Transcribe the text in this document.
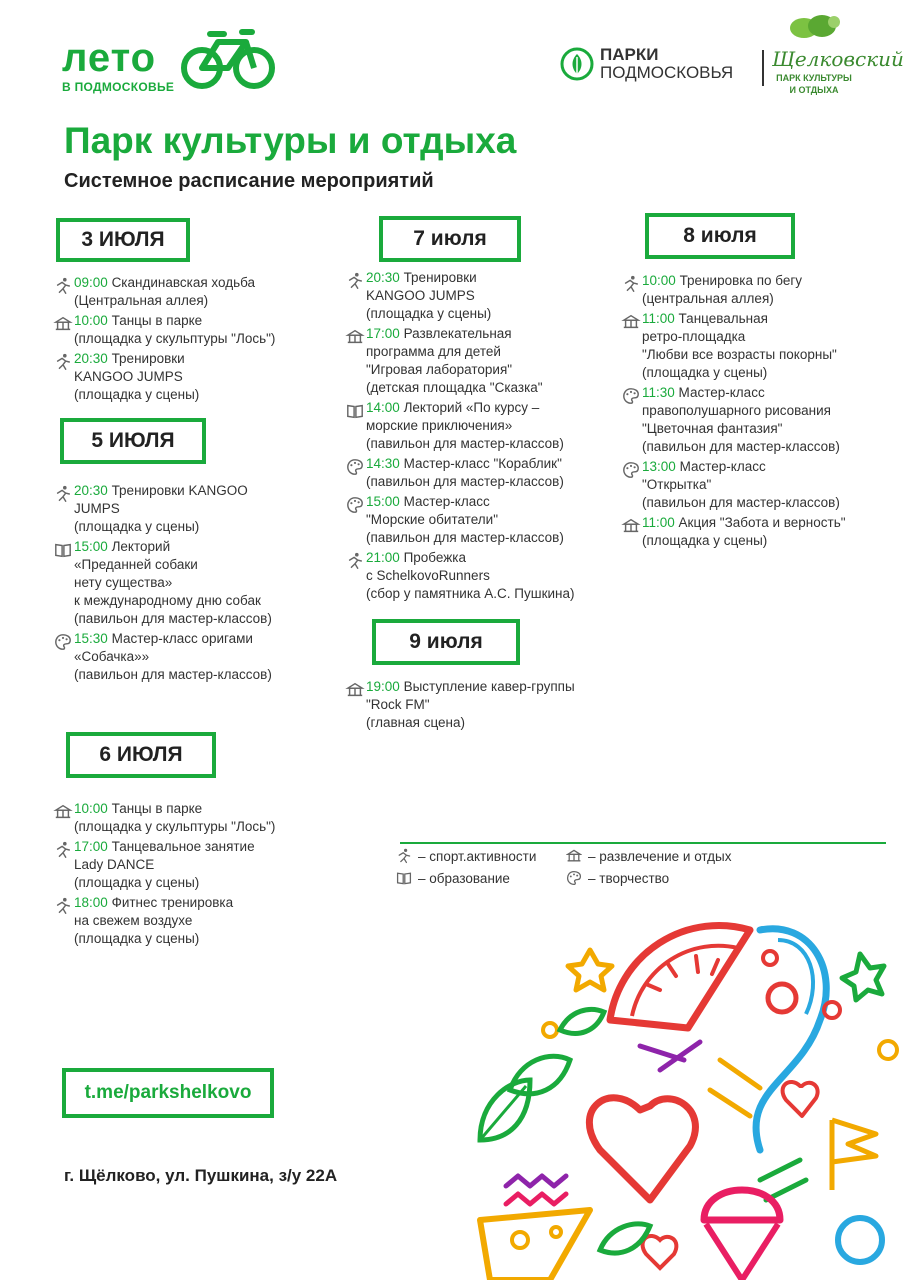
лето
В ПОДМОСКОВЬЕ
ПАРКИ
ПОДМОСКОВЬЯ
Щелковский
ПАРК КУЛЬТУРЫ
И ОТДЫХА
Парк культуры и отдыха
Системное расписание мероприятий
3 ИЮЛЯ
5 ИЮЛЯ
6 ИЮЛЯ
7 июля	8 июля
9 июля
09:00 Скандинавская ходьба
(Центральная аллея)
10:00 Танцы в парке
(площадка у скульптуры "Лось")
20:30 Тренировки
KANGOO JUMPS
(площадка у сцены)
20:30 Тренировки KANGOO
JUMPS
(площадка у сцены)
15:00 Лекторий
«Преданней собаки
нету существа»
к международному дню собак
(павильон для мастер-классов)
15:30 Мастер-класс оригами
«Собачка»»
(павильон для мастер-классов)
10:00 Танцы в парке
(площадка у скульптуры "Лось")
17:00 Танцевальное занятие
Lady DANCE
(площадка у сцены)
18:00 Фитнес тренировка
на свежем воздухе
(площадка у сцены)
20:30 Тренировки
KANGOO JUMPS
(площадка у сцены)
17:00 Развлекательная
программа для детей
"Игровая лаборатория"
(детская площадка "Сказка"
14:00 Лекторий «По курсу –
морские приключения»
(павильон для мастер-классов)
14:30 Мастер-класс "Кораблик"
(павильон для мастер-классов)
15:00 Мастер-класс
"Морские обитатели"
(павильон для мастер-классов)
21:00 Пробежка
с SchelkovoRunners
(сбор у памятника А.С. Пушкина)
10:00 Тренировка по бегу
(центральная аллея)
11:00 Танцевальная
ретро-площадка
"Любви все возрасты покорны"
(площадка у сцены)
11:30 Мастер-класс
правополушарного рисования
"Цветочная фантазия"
(павильон для мастер-классов)
13:00 Мастер-класс
"Открытка"
(павильон для мастер-классов)
11:00 Акция "Забота и верность"
(площадка у сцены)
19:00 Выступление кавер-группы
"Rock FM"
(главная сцена)
– спорт.активности	– развлечение и отдых
– образование	– творчество
t.me/parkshelkovo
г. Щёлково, ул. Пушкина, з/у 22А
